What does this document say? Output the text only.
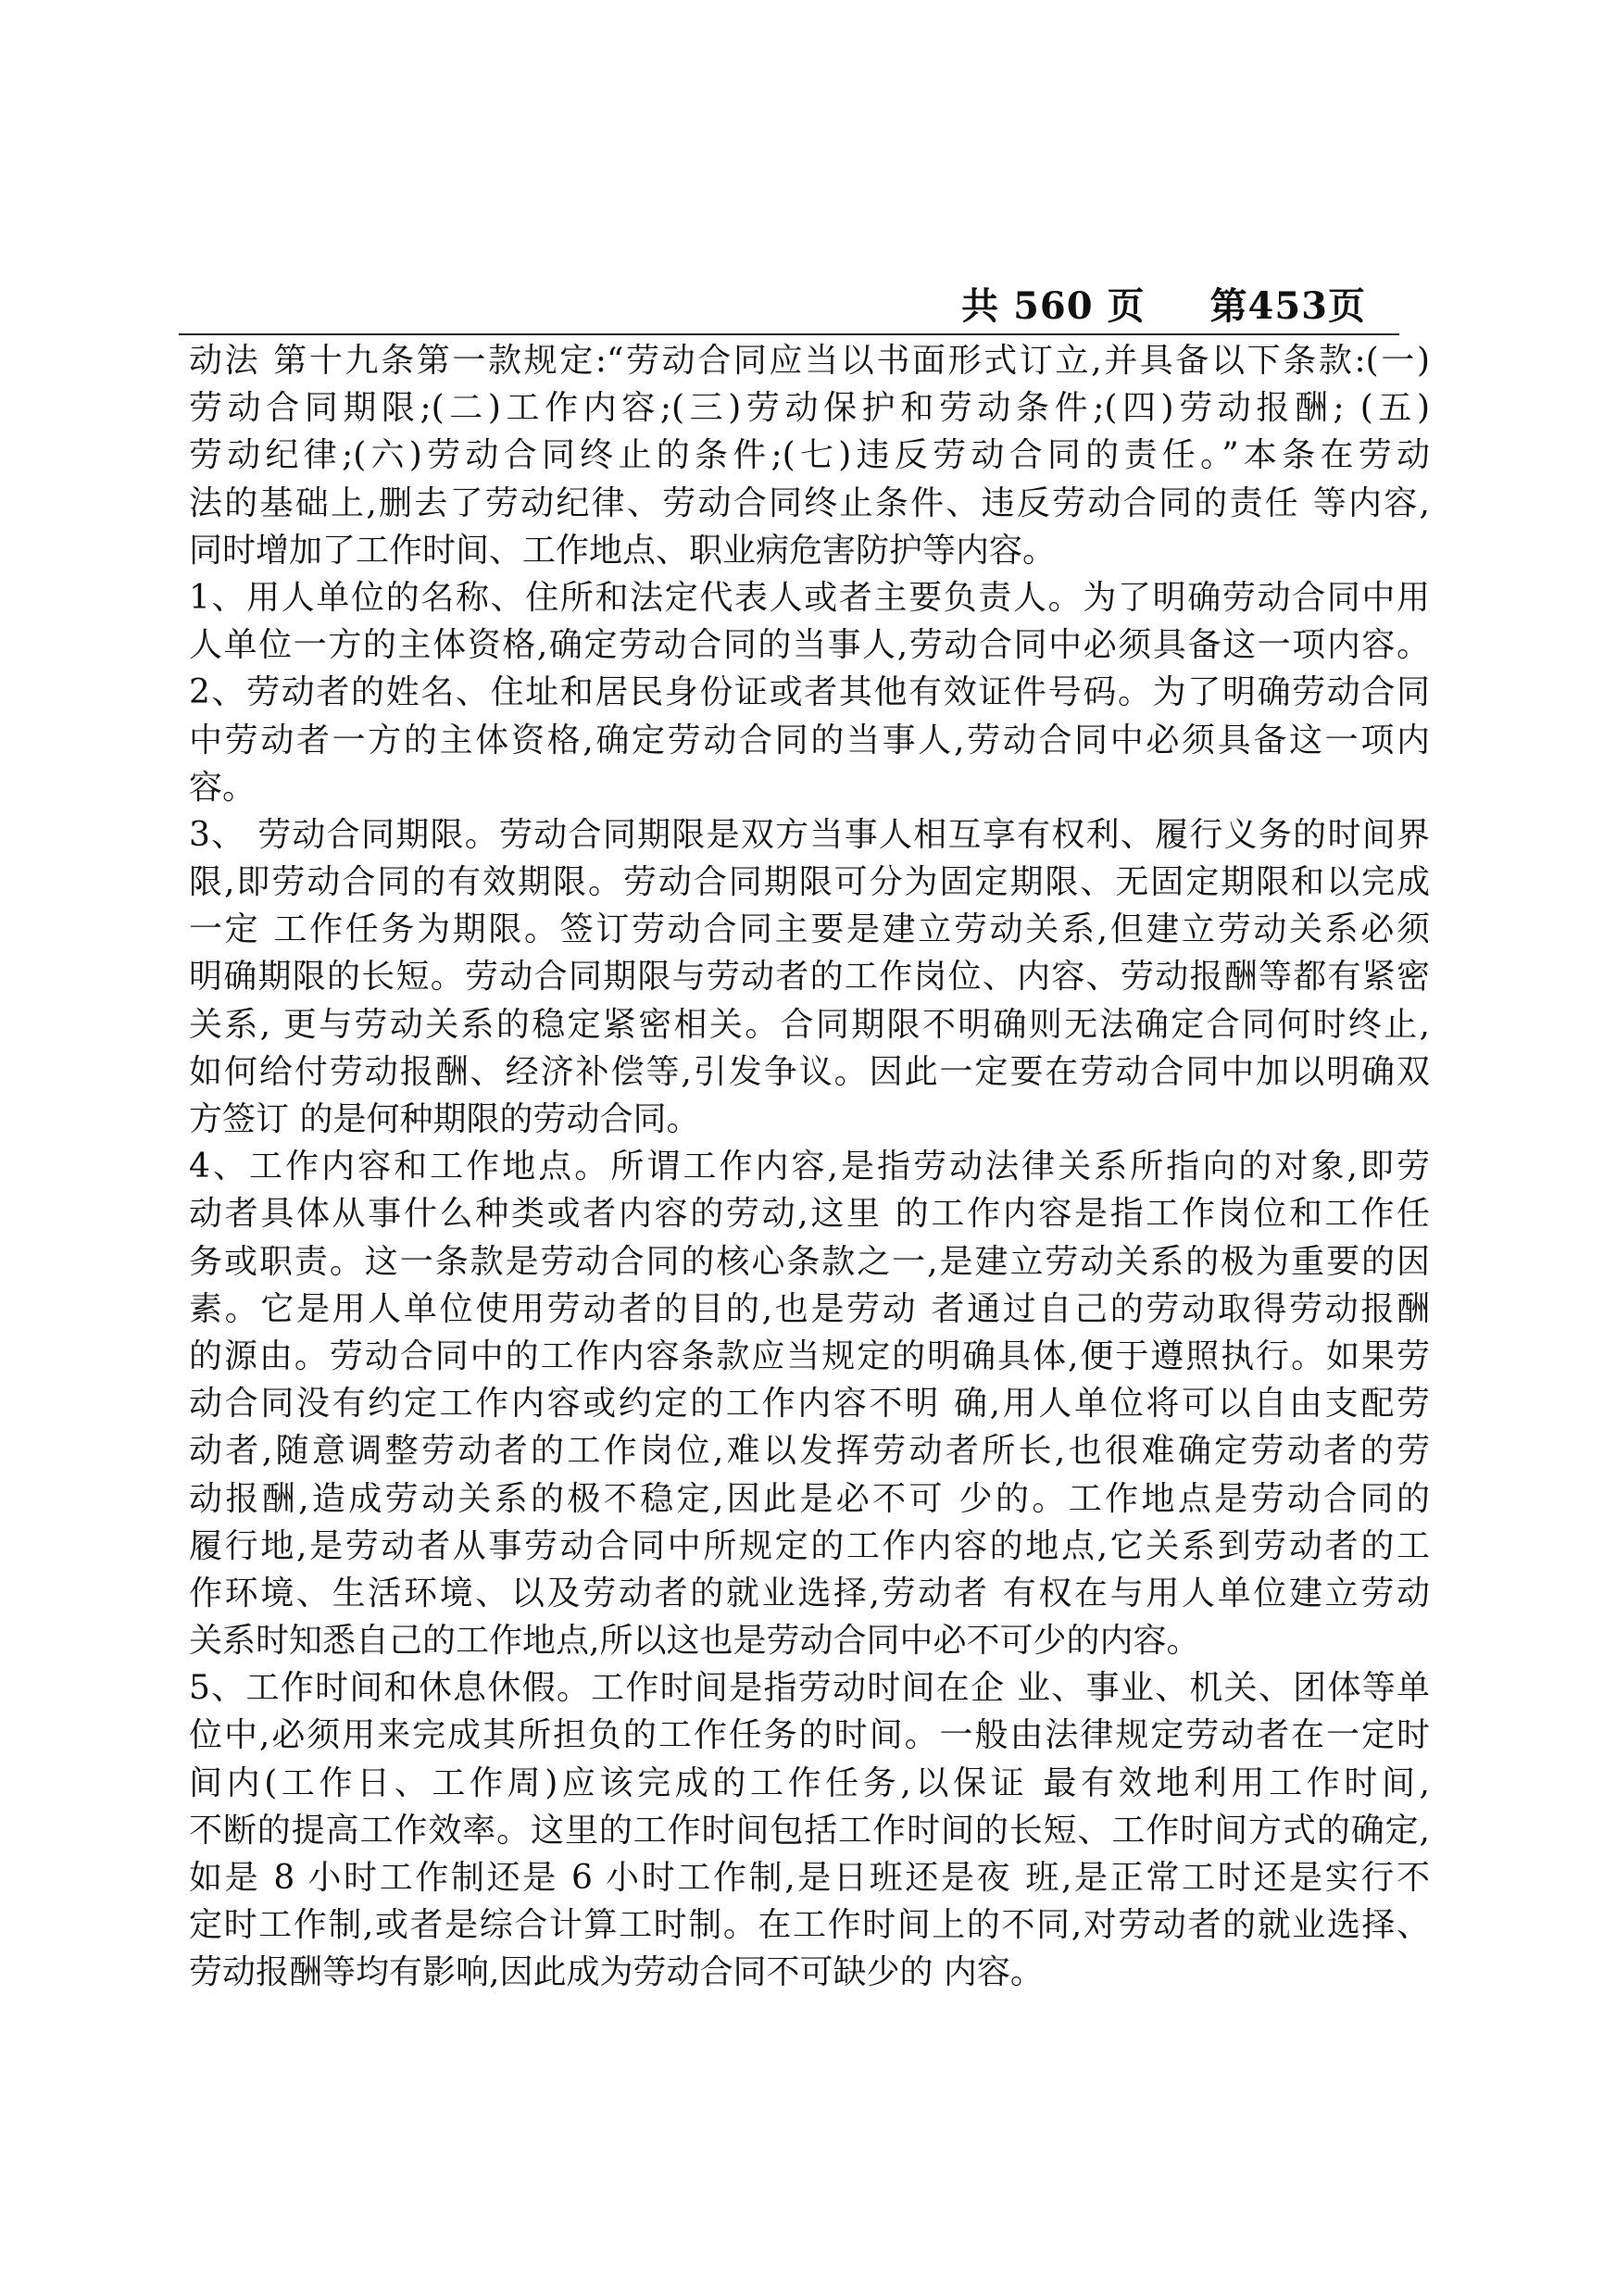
共 560 页 第453页
动法 第十九条第一款规定:“劳动合同应当以书面形式订立,并具备以下条款:(一)
劳动合同期限;(二)工作内容;(三)劳动保护和劳动条件;(四)劳动报酬; (五)
劳动纪律;(六)劳动合同终止的条件;(七)违反劳动合同的责任。”本条在劳动
法的基础上,删去了劳动纪律、劳动合同终止条件、违反劳动合同的责任 等内容,
同时增加了工作时间、工作地点、职业病危害防护等内容。
1、用人单位的名称、住所和法定代表人或者主要负责人。为了明确劳动合同中用
人单位一方的主体资格,确定劳动合同的当事人,劳动合同中必须具备这一项内容。
2、劳动者的姓名、住址和居民身份证或者其他有效证件号码。为了明确劳动合同
中劳动者一方的主体资格,确定劳动合同的当事人,劳动合同中必须具备这一项内
容。
3、 劳动合同期限。劳动合同期限是双方当事人相互享有权利、履行义务的时间界
限,即劳动合同的有效期限。劳动合同期限可分为固定期限、无固定期限和以完成
一定 工作任务为期限。签订劳动合同主要是建立劳动关系,但建立劳动关系必须
明确期限的长短。劳动合同期限与劳动者的工作岗位、内容、劳动报酬等都有紧密
关系, 更与劳动关系的稳定紧密相关。合同期限不明确则无法确定合同何时终止,
如何给付劳动报酬、经济补偿等,引发争议。因此一定要在劳动合同中加以明确双
方签订 的是何种期限的劳动合同。
4、工作内容和工作地点。所谓工作内容,是指劳动法律关系所指向的对象,即劳
动者具体从事什么种类或者内容的劳动,这里 的工作内容是指工作岗位和工作任
务或职责。这一条款是劳动合同的核心条款之一,是建立劳动关系的极为重要的因
素。它是用人单位使用劳动者的目的,也是劳动 者通过自己的劳动取得劳动报酬
的源由。劳动合同中的工作内容条款应当规定的明确具体,便于遵照执行。如果劳
动合同没有约定工作内容或约定的工作内容不明 确,用人单位将可以自由支配劳
动者,随意调整劳动者的工作岗位,难以发挥劳动者所长,也很难确定劳动者的劳
动报酬,造成劳动关系的极不稳定,因此是必不可 少的。工作地点是劳动合同的
履行地,是劳动者从事劳动合同中所规定的工作内容的地点,它关系到劳动者的工
作环境、生活环境、以及劳动者的就业选择,劳动者 有权在与用人单位建立劳动
关系时知悉自己的工作地点,所以这也是劳动合同中必不可少的内容。
5、工作时间和休息休假。工作时间是指劳动时间在企 业、事业、机关、团体等单
位中,必须用来完成其所担负的工作任务的时间。一般由法律规定劳动者在一定时
间内(工作日、工作周)应该完成的工作任务,以保证 最有效地利用工作时间,
不断的提高工作效率。这里的工作时间包括工作时间的长短、工作时间方式的确定,
如是 8 小时工作制还是 6 小时工作制,是日班还是夜 班,是正常工时还是实行不
定时工作制,或者是综合计算工时制。在工作时间上的不同,对劳动者的就业选择、
劳动报酬等均有影响,因此成为劳动合同不可缺少的 内容。
